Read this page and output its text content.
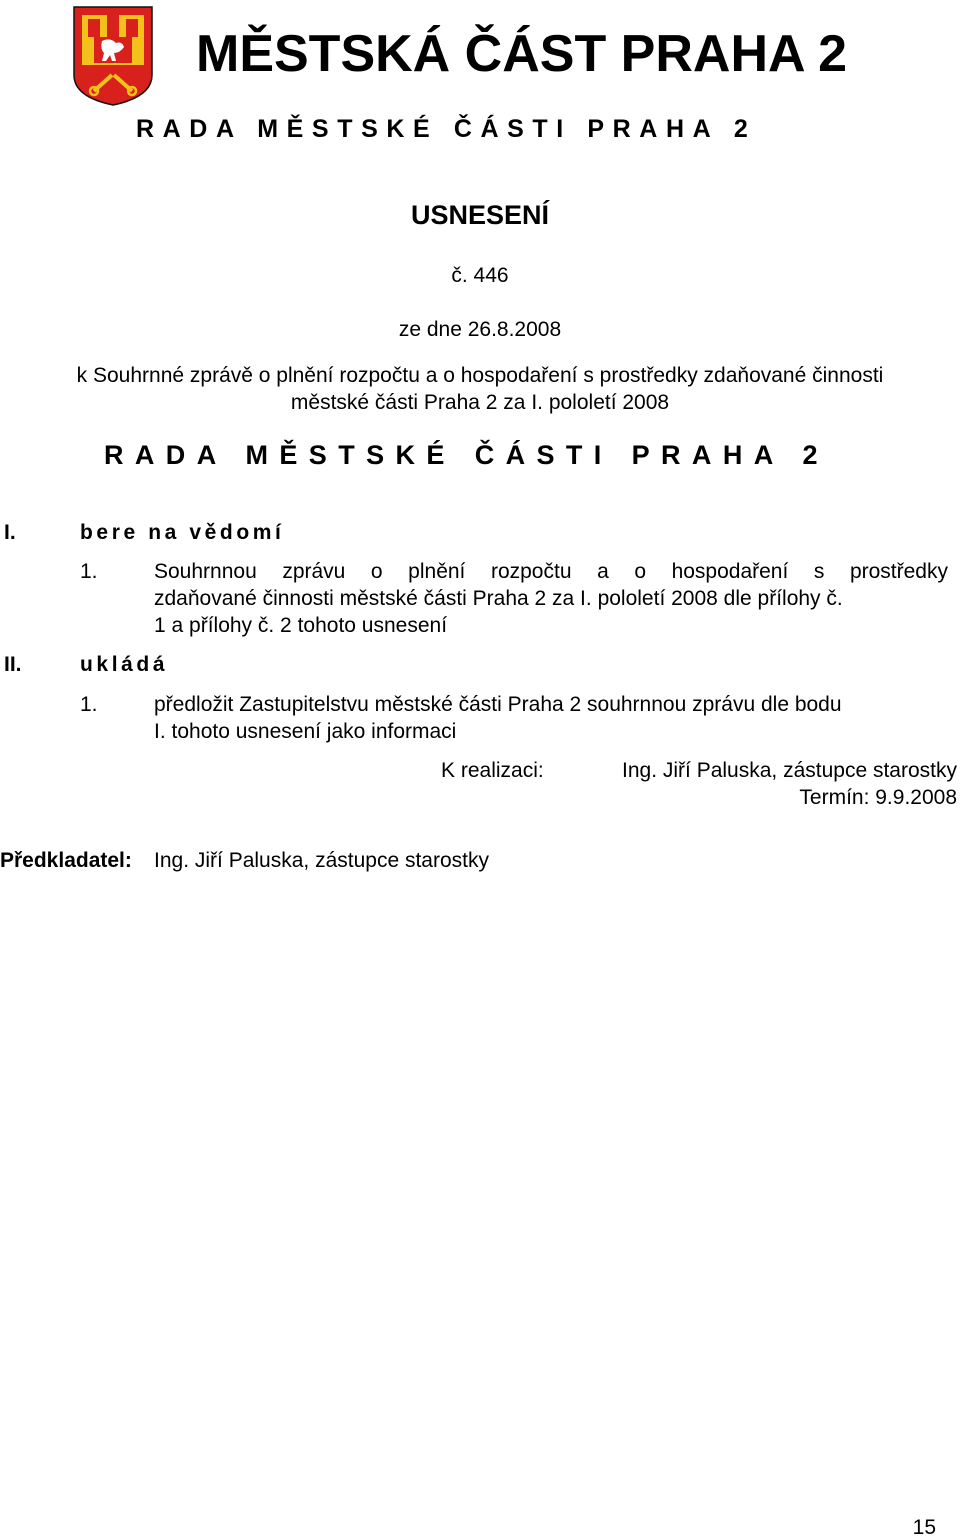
MĚSTSKÁ ČÁST PRAHA 2
RADA MĚSTSKÉ ČÁSTI PRAHA 2
USNESENÍ
č. 446
ze dne 26.8.2008
k Souhrnné zprávě o plnění rozpočtu a o hospodaření s prostředky zdaňované činnosti
městské části Praha 2 za I. pololetí 2008
RADA MĚSTSKÉ ČÁSTI PRAHA 2
I.	bere na vědomí
1.	Souhrnnou zprávu o plnění rozpočtu a o hospodaření s prostředky
zdaňované činnosti městské části Praha 2 za I. pololetí 2008 dle přílohy č.
1 a přílohy č. 2 tohoto usnesení
II.	ukládá
1.	předložit Zastupitelstvu městské části Praha 2 souhrnnou zprávu dle bodu
I. tohoto usnesení jako informaci
K realizaci:	Ing. Jiří Paluska, zástupce starostky
Termín: 9.9.2008
Předkladatel: Ing. Jiří Paluska, zástupce starostky
15
